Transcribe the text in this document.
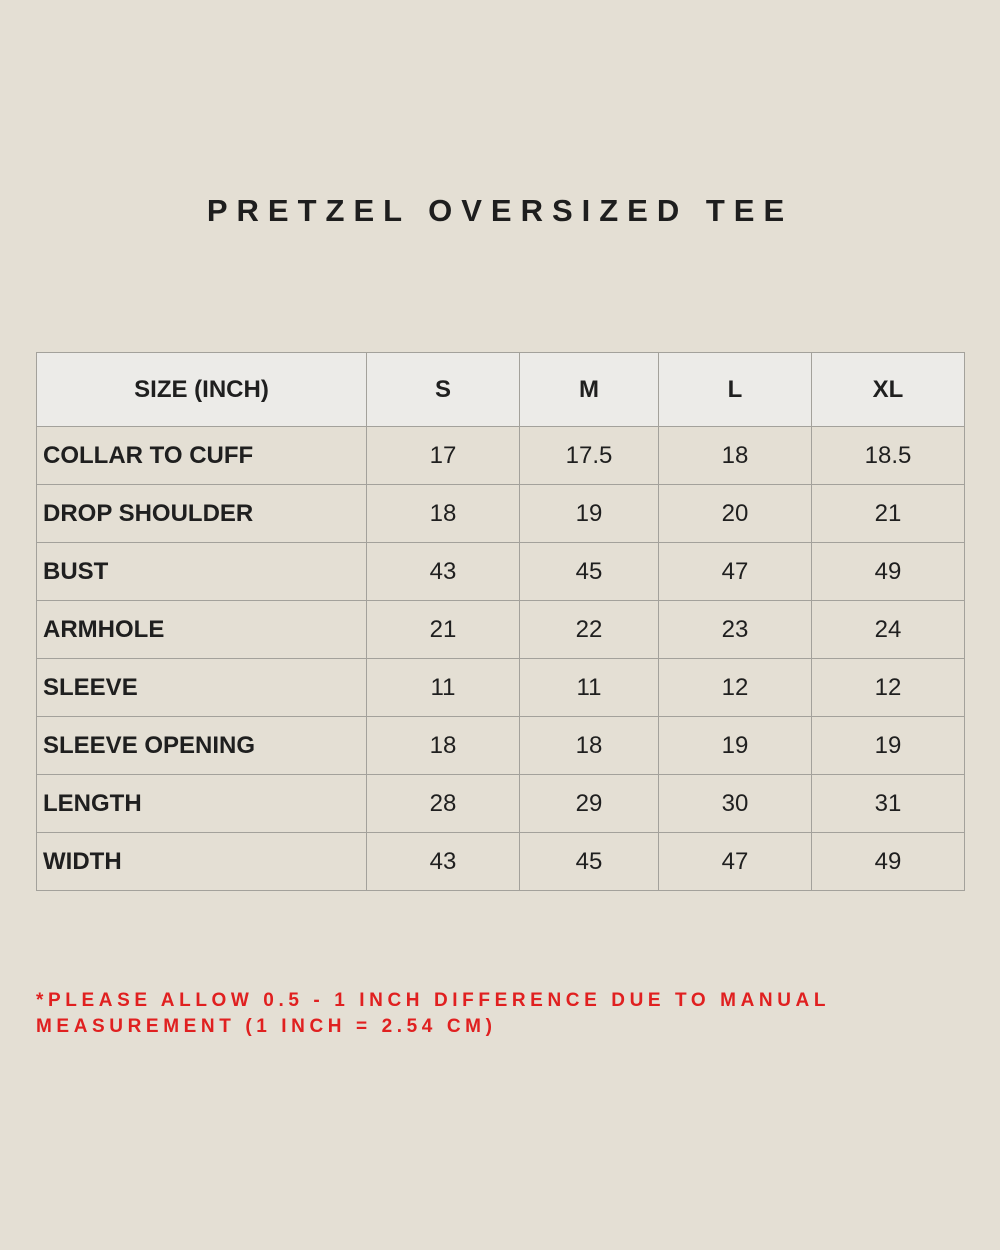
PRETZEL OVERSIZED TEE
SIZE (INCH)	S	M	L	XL
COLLAR TO CUFF	17	17.5	18	18.5
DROP SHOULDER	18	19	20	21
BUST	43	45	47	49
ARMHOLE	21	22	23	24
SLEEVE	11	11	12	12
SLEEVE OPENING	18	18	19	19
LENGTH	28	29	30	31
WIDTH	43	45	47	49
*PLEASE ALLOW 0.5 - 1 INCH DIFFERENCE DUE TO MANUAL
MEASUREMENT (1 INCH = 2.54 CM)
